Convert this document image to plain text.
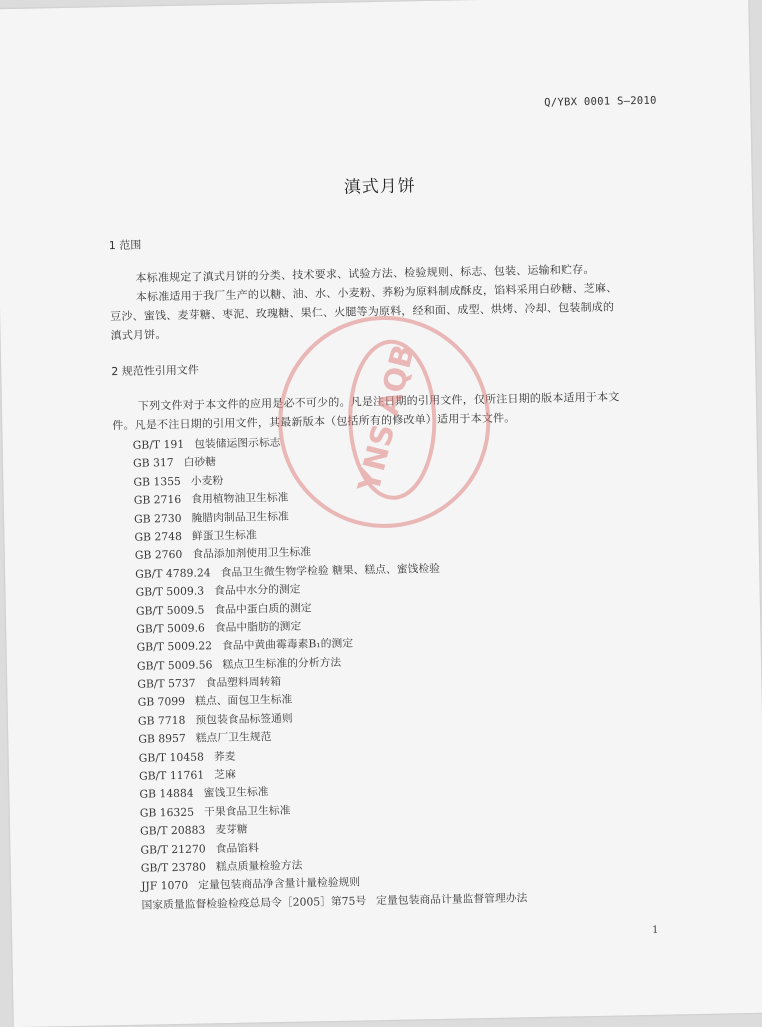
Q/YBX 0001 S—2010
滇式月饼
1 范围
本标准规定了滇式月饼的分类、技术要求、试验方法、检验规则、标志、包装、运输和贮存。
本标准适用于我厂生产的以糖、油、水、小麦粉、荞粉为原料制成酥皮，馅料采用白砂糖、芝麻、
豆沙、蜜饯、麦芽糖、枣泥、玫瑰糖、果仁、火腿等为原料，经和面、成型、烘烤、冷却、包装制成的
滇式月饼。
2 规范性引用文件
下列文件对于本文件的应用是必不可少的。凡是注日期的引用文件，仅所注日期的版本适用于本文
件。凡是不注日期的引用文件，其最新版本（包括所有的修改单）适用于本文件。
GB/T 191 包装储运图示标志
GB 317 白砂糖
GB 1355 小麦粉
GB 2716 食用植物油卫生标准
GB 2730 腌腊肉制品卫生标准
GB 2748 鲜蛋卫生标准
GB 2760 食品添加剂使用卫生标准
GB/T 4789.24 食品卫生微生物学检验 糖果、糕点、蜜饯检验
GB/T 5009.3 食品中水分的测定
GB/T 5009.5 食品中蛋白质的测定
GB/T 5009.6 食品中脂肪的测定
GB/T 5009.22 食品中黄曲霉毒素B₁的测定
GB/T 5009.56 糕点卫生标准的分析方法
GB/T 5737 食品塑料周转箱
GB 7099 糕点、面包卫生标准
GB 7718 预包装食品标签通则
GB 8957 糕点厂卫生规范
GB/T 10458 荞麦
GB/T 11761 芝麻
GB 14884 蜜饯卫生标准
GB 16325 干果食品卫生标准
GB/T 20883 麦芽糖
GB/T 21270 食品馅料
GB/T 23780 糕点质量检验方法
JJF 1070 定量包装商品净含量计量检验规则
国家质量监督检验检疫总局令［2005］第75号 定量包装商品计量监督管理办法
YNS AQB
1
